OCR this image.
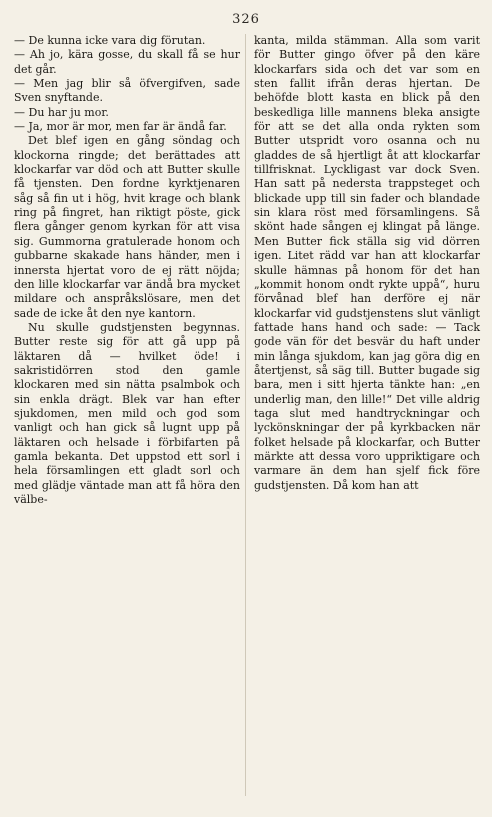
326

— De kunna icke vara dig förutan.

— Ah jo, kära gosse, du skall få se hur det går.

— Men jag blir så öfvergifven, sade Sven snyftande.

— Du har ju mor.

— Ja, mor är mor, men far är ändå far.

Det blef igen en gång söndag och klockorna ringde; det berättades att klockarfar var död och att Butter skulle få tjensten. Den fordne kyrktjenaren såg så fin ut i hög, hvit krage och blank ring på fingret, han riktigt pöste, gick flera gånger genom kyrkan för att visa sig. Gummorna gratulerade honom och gubbarne skakade hans händer, men i innersta hjertat voro de ej rätt nöjda; den lille klockarfar var ändå bra mycket mildare och anspråkslösare, men det sade de icke åt den nye kantorn.

Nu skulle gudstjensten begynnas. Butter reste sig för att gå upp på läktaren då — hvilket öde! i sakristidörren stod den gamle klockaren med sin nätta psalmbok och sin enkla drägt. Blek var han efter sjukdomen, men mild och god som vanligt och han gick så lugnt upp på läktaren och helsade i förbifarten på gamla bekanta. Det uppstod ett sorl i hela församlingen ett gladt sorl och med glädje väntade man att få höra den välbe-

kanta, milda stämman. Alla som varit för Butter gingo öfver på den käre klockarfars sida och det var som en sten fallit ifrån deras hjertan. De behöfde blott kasta en blick på den beskedliga lille mannens bleka ansigte för att se det alla onda rykten som Butter utspridt voro osanna och nu gladdes de så hjertligt åt att klockarfar tillfrisknat. Lyckligast var dock Sven. Han satt på nedersta trappsteget och blickade upp till sin fader och blandade sin klara röst med församlingens. Så skönt hade sången ej klingat på länge. Men Butter fick ställa sig vid dörren igen. Litet rädd var han att klockarfar skulle hämnas på honom för det han „kommit honom ondt rykte uppå“, huru förvånad blef han derföre ej när klockarfar vid gudstjenstens slut vänligt fattade hans hand och sade: — Tack gode vän för det besvär du haft under min långa sjukdom, kan jag göra dig en återtjenst, så säg till. Butter bugade sig bara, men i sitt hjerta tänkte han: „en underlig man, den lille!“ Det ville aldrig taga slut med handtryckningar och lyckönskningar der på kyrkbacken när folket helsade på klockarfar, och Butter märkte att dessa voro uppriktigare och varmare än dem han sjelf fick före gudstjensten. Då kom han att
